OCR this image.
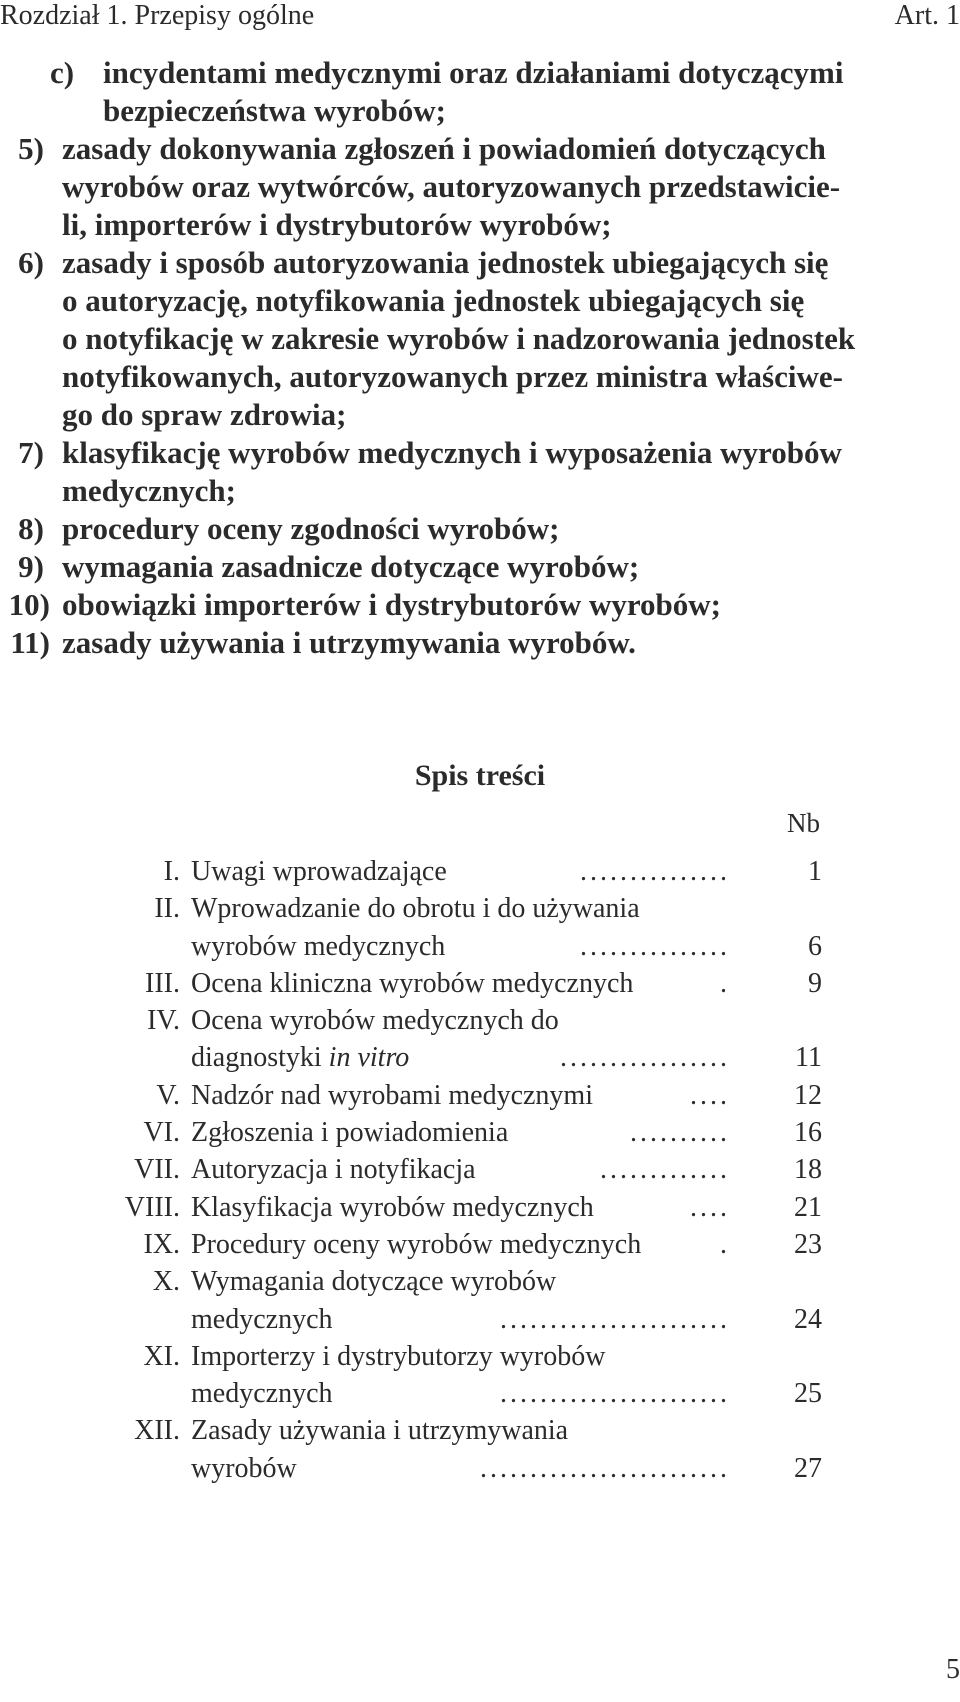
Rozdział 1. Przepisy ogólne	Art. 1
c) incydentami medycznymi oraz działaniami dotyczącymi
bezpieczeństwa wyrobów;
5) zasady dokonywania zgłoszeń i powiadomień dotyczących
wyrobów oraz wytwórców, autoryzowanych przedstawicie-
li, importerów i dystrybutorów wyrobów;
6) zasady i sposób autoryzowania jednostek ubiegających się
o autoryzację, notyfikowania jednostek ubiegających się
o notyfikację w zakresie wyrobów i nadzorowania jednostek
notyfikowanych, autoryzowanych przez ministra właściwe-
go do spraw zdrowia;
7) klasyfikację wyrobów medycznych i wyposażenia wyrobów
medycznych;
8) procedury oceny zgodności wyrobów;
9) wymagania zasadnicze dotyczące wyrobów;
10) obowiązki importerów i dystrybutorów wyrobów;
11) zasady używania i utrzymywania wyrobów.
Spis treści
Nb
I. Uwagi wprowadzające	...............	1
II. Wprowadzanie do obrotu i do używania
wyrobów medycznych	...............	6
III. Ocena kliniczna wyrobów medycznych	.	9
IV. Ocena wyrobów medycznych do
diagnostyki in vitro	................. 11
V. Nadzór nad wyrobami medycznymi	.... 12
VI. Zgłoszenia i powiadomienia	.......... 16
VII. Autoryzacja i notyfikacja	............. 18
VIII. Klasyfikacja wyrobów medycznych	.... 21
IX. Procedury oceny wyrobów medycznych	. 23
X. Wymagania dotyczące wyrobów
medycznych	....................... 24
XI. Importerzy i dystrybutorzy wyrobów
medycznych	....................... 25
XII. Zasady używania i utrzymywania
wyrobów	......................... 27
5
